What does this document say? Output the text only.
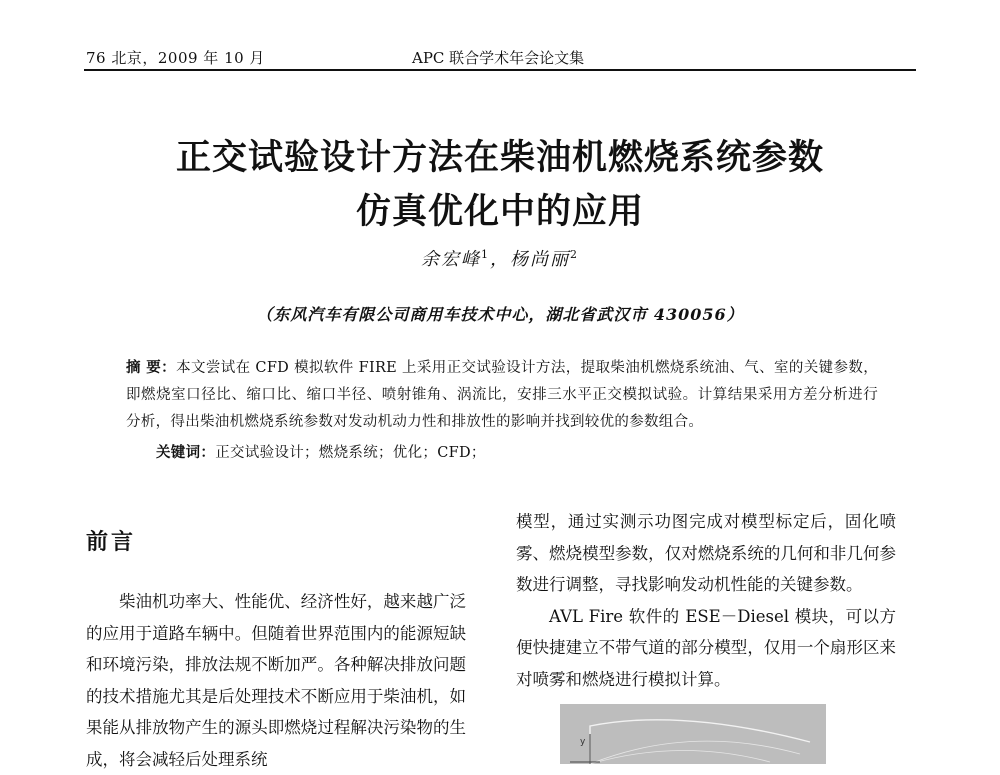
76 北京，2009 年 10 月	APC 联合学术年会论文集
正交试验设计方法在柴油机燃烧系统参数
仿真优化中的应用
余宏峰$^1$，杨尚丽$^2$
（东风汽车有限公司商用车技术中心，湖北省武汉市 430056）
摘 要：本文尝试在 CFD 模拟软件 FIRE 上采用正交试验设计方法，提取柴油机燃烧系统油、气、室的关键参数，即燃烧室口径比、缩口比、缩口半径、喷射锥角、涡流比，安排三水平正交模拟试验。计算结果采用方差分析进行分析，得出柴油机燃烧系统参数对发动机动力性和排放性的影响并找到较优的参数组合。
关键词：正交试验设计；燃烧系统；优化；CFD；
前言

柴油机功率大、性能优、经济性好，越来越广泛的应用于道路车辆中。但随着世界范围内的能源短缺和环境污染，排放法规不断加严。各种解决排放问题的技术措施尤其是后处理技术不断应用于柴油机，如果能从排放物产生的源头即燃烧过程解决污染物的生成，将会减轻后处理系统

模型，通过实测示功图完成对模型标定后，固化喷雾、燃烧模型参数，仅对燃烧系统的几何和非几何参数进行调整，寻找影响发动机性能的关键参数。

AVL Fire 软件的 ESE－Diesel 模块，可以方便快捷建立不带气道的部分模型，仅用一个扇形区来对喷雾和燃烧进行模拟计算。

y
